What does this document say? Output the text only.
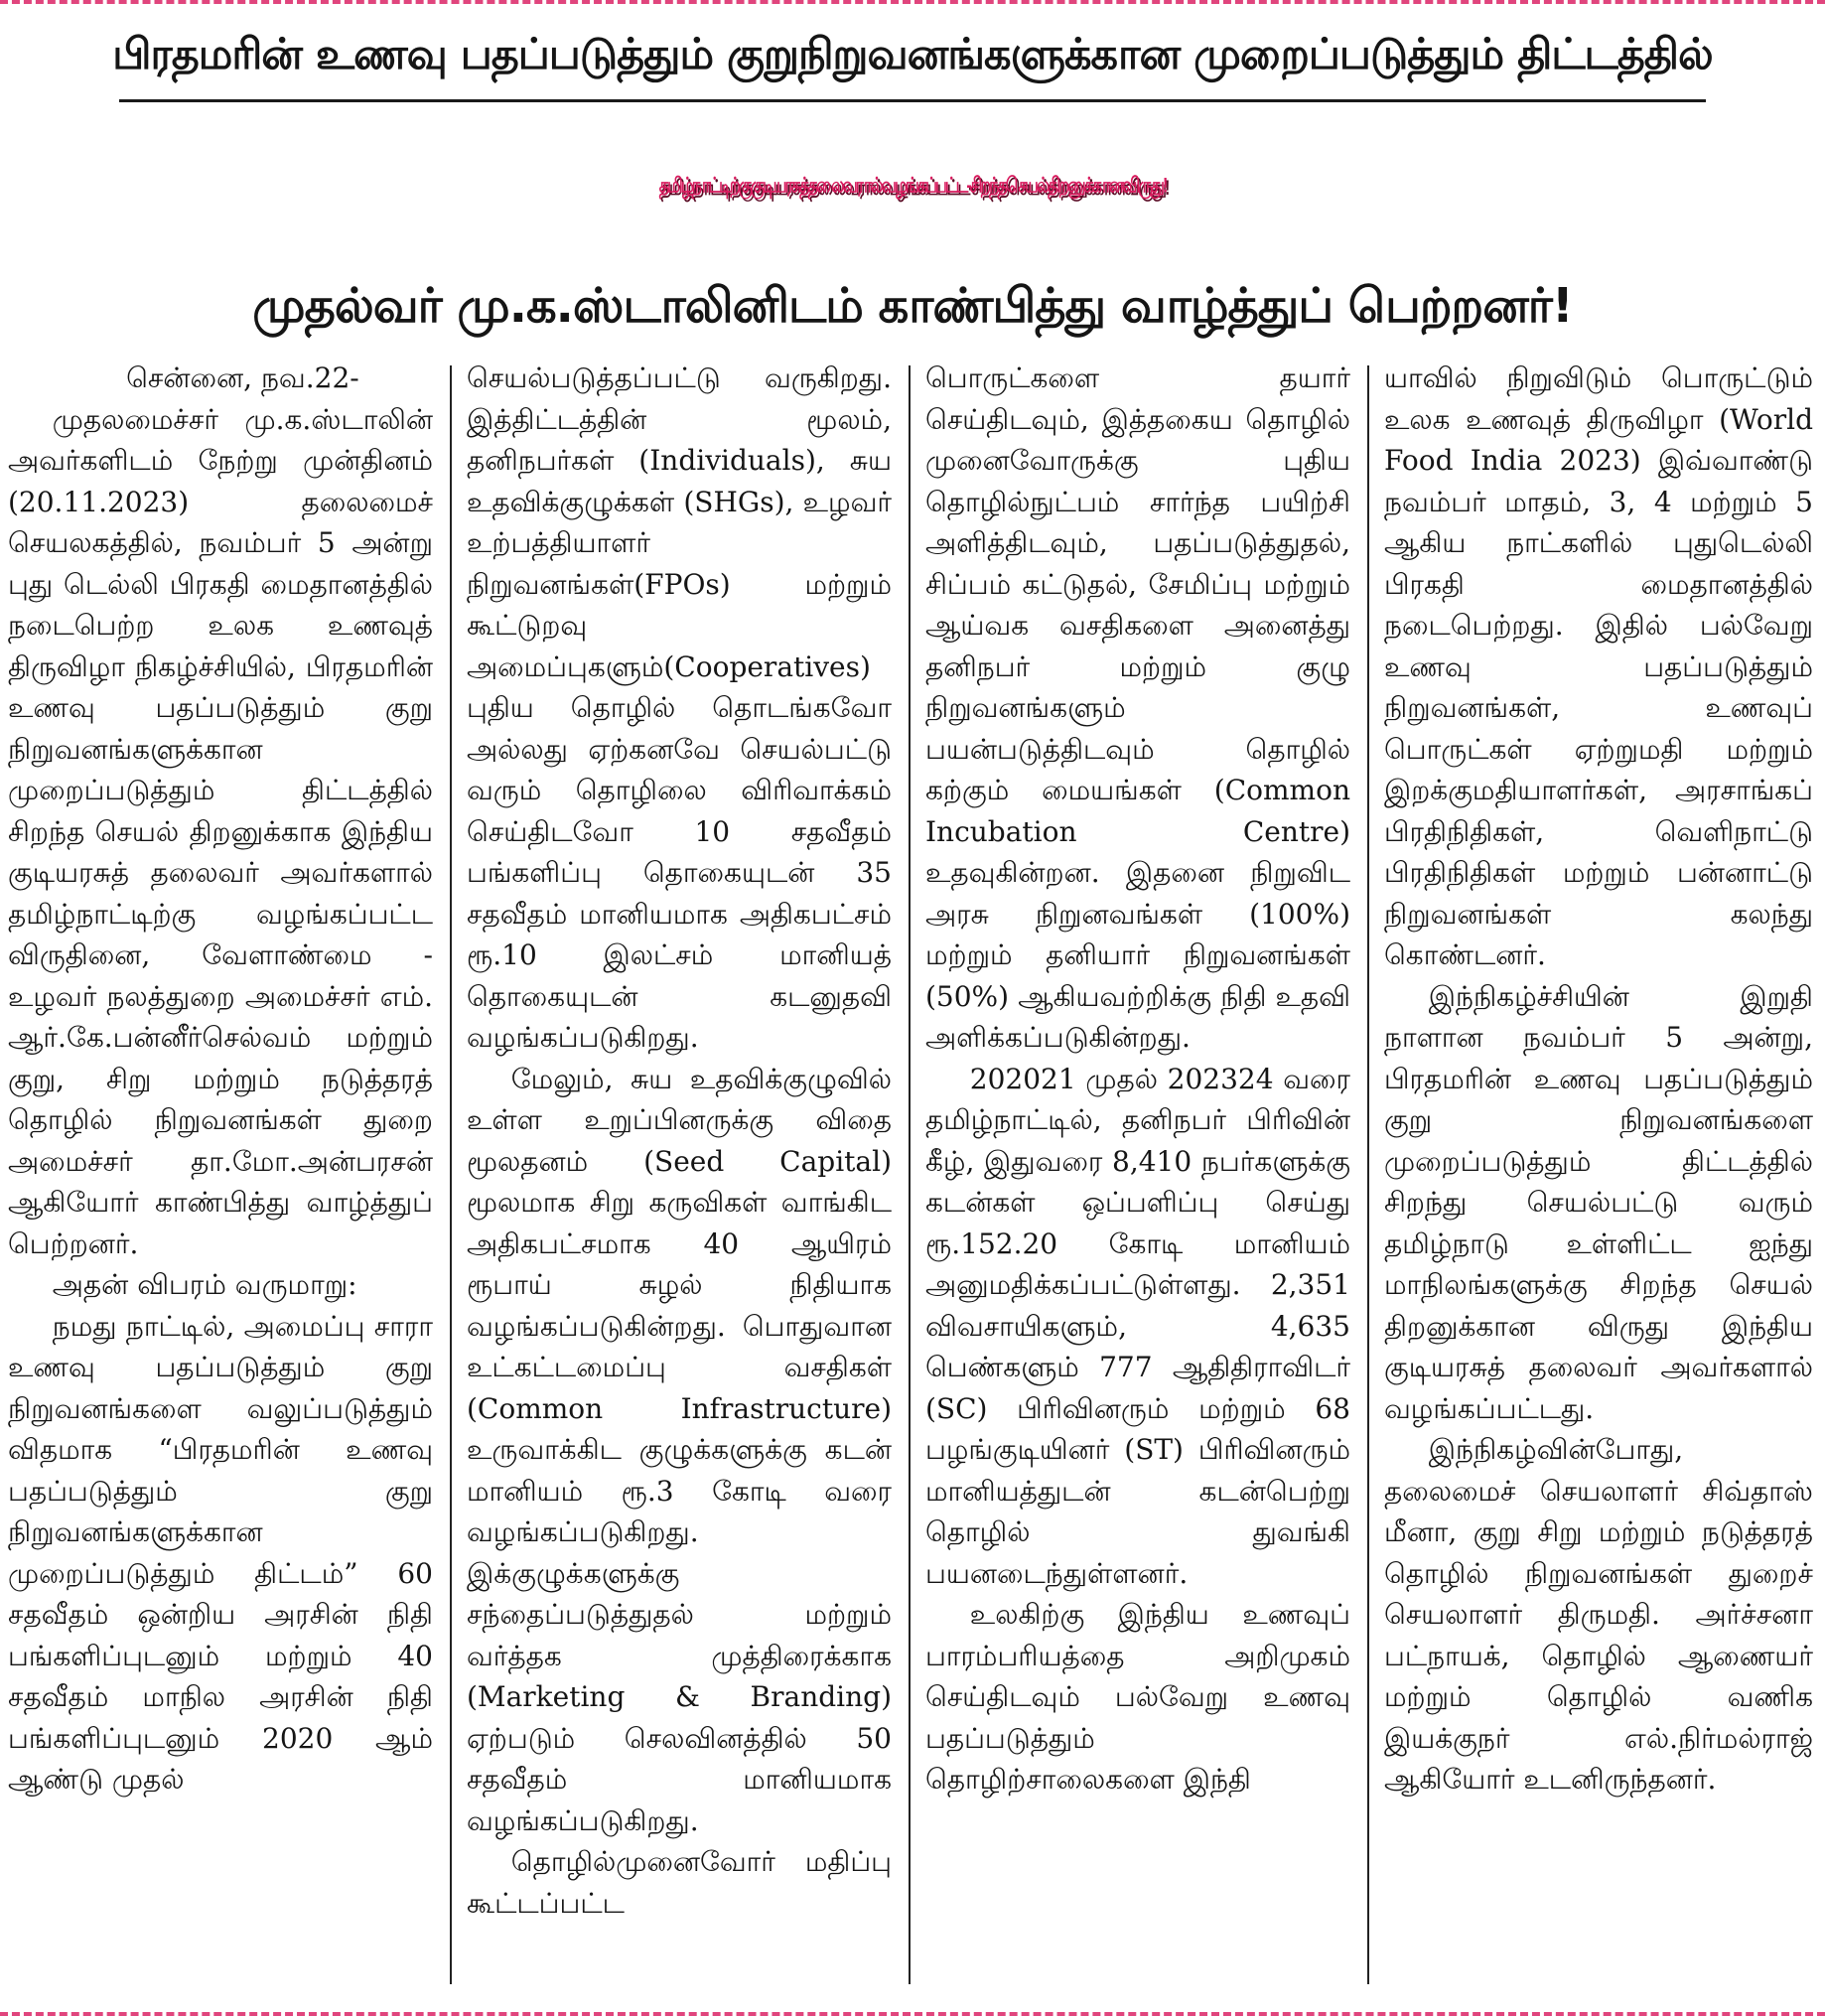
பிரதமரின் உணவு பதப்படுத்தும் குறுநிறுவனங்களுக்கான முறைப்படுத்தும் திட்டத்தில்
தமிழ்நாட்டிற்குகுடியரசுத்தலைவரால்வழங்கப்பட்ட-சிறந்தசெயல்திறனுக்கானவிருது!
முதல்வர் மு.க.ஸ்டாலினிடம் காண்பித்து வாழ்த்துப் பெற்றனர்!

சென்னை, நவ.22-

முதலமைச்சர் மு.க.ஸ்டாலின் அவர்களிடம் நேற்று முன்தினம் (20.11.2023) தலைமைச் செயலகத்தில், நவம்பர் 5 அன்று புது டெல்லி பிரகதி மைதானத்தில் நடைபெற்ற உலக உணவுத் திருவிழா நிகழ்ச்சியில், பிரதமரின் உணவு பதப்படுத்தும் குறு நிறுவனங்களுக்கான முறைப்படுத்தும் திட்டத்தில் சிறந்த செயல் திறனுக்காக இந்திய குடியரசுத் தலைவர் அவர்களால் தமிழ்நாட்டிற்கு வழங்கப்பட்ட விருதினை, வேளாண்மை - உழவர் நலத்துறை அமைச்சர் எம். ஆர்.கே.பன்னீர்செல்வம் மற்றும் குறு, சிறு மற்றும் நடுத்தரத் தொழில் நிறுவனங்கள் துறை அமைச்சர் தா.மோ.அன்பரசன் ஆகியோர் காண்பித்து வாழ்த்துப் பெற்றனர்.

அதன் விபரம் வருமாறு:

நமது நாட்டில், அமைப்பு சாரா உணவு பதப்படுத்தும் குறு நிறுவனங்களை வலுப்படுத்தும் விதமாக “பிரதமரின் உணவு பதப்படுத்தும் குறு நிறுவனங்களுக்கான முறைப்படுத்தும் திட்டம்” 60 சதவீதம் ஒன்றிய அரசின் நிதி பங்களிப்புடனும் மற்றும் 40 சதவீதம் மாநில அரசின் நிதி பங்களிப்புடனும் 2020 ஆம் ஆண்டு முதல்

செயல்படுத்தப்பட்டு வருகிறது. இத்திட்டத்தின் மூலம், தனிநபர்கள் (Individuals), சுய உதவிக்குழுக்கள் (SHGs), உழவர் உற்பத்தியாளர் நிறுவனங்கள்(FPOs) மற்றும் கூட்டுறவு அமைப்புகளும்(Cooperatives) புதிய தொழில் தொடங்கவோ அல்லது ஏற்கனவே செயல்பட்டு வரும் தொழிலை விரிவாக்கம் செய்திடவோ 10 சதவீதம் பங்களிப்பு தொகையுடன் 35 சதவீதம் மானியமாக அதிகபட்சம் ரூ.10 இலட்சம் மானியத் தொகையுடன் கடனுதவி வழங்கப்படுகிறது.

மேலும், சுய உதவிக்குழுவில் உள்ள உறுப்பினருக்கு விதை மூலதனம் (Seed Capital) மூலமாக சிறு கருவிகள் வாங்கிட அதிகபட்சமாக 40 ஆயிரம் ரூபாய் சுழல் நிதியாக வழங்கப்படுகின்றது. பொதுவான உட்கட்டமைப்பு வசதிகள் (Common Infrastructure) உருவாக்கிட குழுக்களுக்கு கடன் மானியம் ரூ.3 கோடி வரை வழங்கப்படுகிறது. இக்குழுக்களுக்கு சந்தைப்படுத்துதல் மற்றும் வர்த்தக முத்திரைக்காக (Marketing & Branding) ஏற்படும் செலவினத்தில் 50 சதவீதம் மானியமாக வழங்கப்படுகிறது.

தொழில்முனைவோர் மதிப்பு கூட்டப்பட்ட

பொருட்களை தயார் செய்திடவும், இத்தகைய தொழில் முனைவோருக்கு புதிய தொழில்நுட்பம் சார்ந்த பயிற்சி அளித்திடவும், பதப்படுத்துதல், சிப்பம் கட்டுதல், சேமிப்பு மற்றும் ஆய்வக வசதிகளை அனைத்து தனிநபர் மற்றும் குழு நிறுவனங்களும் பயன்படுத்திடவும் தொழில் கற்கும் மையங்கள் (Common Incubation Centre) உதவுகின்றன. இதனை நிறுவிட அரசு நிறுனவங்கள் (100%) மற்றும் தனியார் நிறுவனங்கள் (50%) ஆகியவற்றிக்கு நிதி உதவி அளிக்கப்படுகின்றது.

202021 முதல் 202324 வரை தமிழ்நாட்டில், தனிநபர் பிரிவின் கீழ், இதுவரை 8,410 நபர்களுக்கு கடன்கள் ஒப்பளிப்பு செய்து ரூ.152.20 கோடி மானியம் அனுமதிக்கப்பட்டுள்ளது. 2,351 விவசாயிகளும், 4,635 பெண்களும் 777 ஆதிதிராவிடர் (SC) பிரிவினரும் மற்றும் 68 பழங்குடியினர் (ST) பிரிவினரும் மானியத்துடன் கடன்பெற்று தொழில் துவங்கி பயனடைந்துள்ளனர்.

உலகிற்கு இந்திய உணவுப் பாரம்பரியத்தை அறிமுகம் செய்திடவும் பல்வேறு உணவு பதப்படுத்தும் தொழிற்சாலைகளை இந்தி

யாவில் நிறுவிடும் பொருட்டும் உலக உணவுத் திருவிழா (World Food India 2023) இவ்வாண்டு நவம்பர் மாதம், 3, 4 மற்றும் 5 ஆகிய நாட்களில் புதுடெல்லி பிரகதி மைதானத்தில் நடைபெற்றது. இதில் பல்வேறு உணவு பதப்படுத்தும் நிறுவனங்கள், உணவுப் பொருட்கள் ஏற்றுமதி மற்றும் இறக்குமதியாளர்கள், அரசாங்கப் பிரதிநிதிகள், வெளிநாட்டு பிரதிநிதிகள் மற்றும் பன்னாட்டு நிறுவனங்கள் கலந்து கொண்டனர்.

இந்நிகழ்ச்சியின் இறுதி நாளான நவம்பர் 5 அன்று, பிரதமரின் உணவு பதப்படுத்தும் குறு நிறுவனங்களை முறைப்படுத்தும் திட்டத்தில் சிறந்து செயல்பட்டு வரும் தமிழ்நாடு உள்ளிட்ட ஐந்து மாநிலங்களுக்கு சிறந்த செயல் திறனுக்கான விருது இந்திய குடியரசுத் தலைவர் அவர்களால் வழங்கப்பட்டது.

இந்நிகழ்வின்போது, தலைமைச் செயலாளர் சிவ்தாஸ் மீனா, குறு சிறு மற்றும் நடுத்தரத் தொழில் நிறுவனங்கள் துறைச் செயலாளர் திருமதி. அர்ச்சனா பட்நாயக், தொழில் ஆணையர் மற்றும் தொழில் வணிக இயக்குநர் எல்.நிர்மல்ராஜ் ஆகியோர் உடனிருந்தனர்.
